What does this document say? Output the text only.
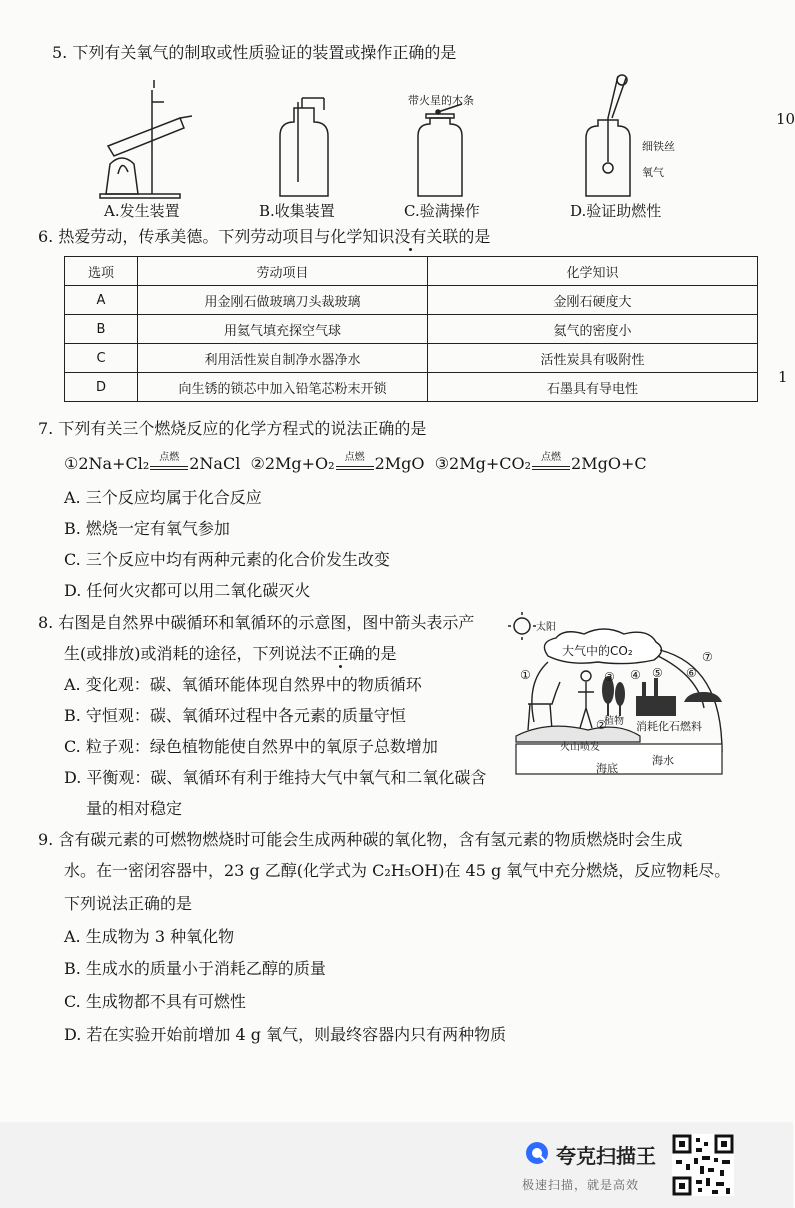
5. 下列有关氧气的制取或性质验证的装置或操作正确的是
带火星的木条
细铁丝
氧气
A.发生装置	B.收集装置	C.验满操作	D.验证助燃性
10
1
6. 热爱劳动，传承美德。下列劳动项目与化学知识没有关联的是
选项	劳动项目	化学知识
A	用金刚石做玻璃刀头裁玻璃	金刚石硬度大
B	用氦气填充探空气球	氦气的密度小
C	利用活性炭自制净水器净水	活性炭具有吸附性
D	向生锈的锁芯中加入铅笔芯粉末开锁	石墨具有导电性
7. 下列有关三个燃烧反应的化学方程式的说法正确的是
①2Na+Cl₂	点燃 2NaCl ②2Mg+O₂	点燃 2MgO ③2Mg+CO₂	点燃 2MgO+C
A. 三个反应均属于化合反应
B. 燃烧一定有氧气参加
C. 三个反应中均有两种元素的化合价发生改变
D. 任何火灾都可以用二氧化碳灭火
8. 右图是自然界中碳循环和氧循环的示意图，图中箭头表示产
生(或排放)或消耗的途径，下列说法不正确的是
A. 变化观：碳、氧循环能体现自然界中的物质循环
B. 守恒观：碳、氧循环过程中各元素的质量守恒
C. 粒子观：绿色植物能使自然界中的氧原子总数增加
D. 平衡观：碳、氧循环有利于维持大气中氧气和二氧化碳含
量的相对稳定
太阳
大气中的CO₂
①
②
③ ④ ⑤ ⑥
⑦
植物 消耗化石燃料
火山喷发
海底
海水
9. 含有碳元素的可燃物燃烧时可能会生成两种碳的氧化物，含有氢元素的物质燃烧时会生成
水。在一密闭容器中，23 g 乙醇(化学式为 C₂H₅OH)在 45 g 氧气中充分燃烧，反应物耗尽。
下列说法正确的是
A. 生成物为 3 种氧化物
B. 生成水的质量小于消耗乙醇的质量
C. 生成物都不具有可燃性
D. 若在实验开始前增加 4 g 氧气，则最终容器内只有两种物质
夸克扫描王
极速扫描，就是高效
